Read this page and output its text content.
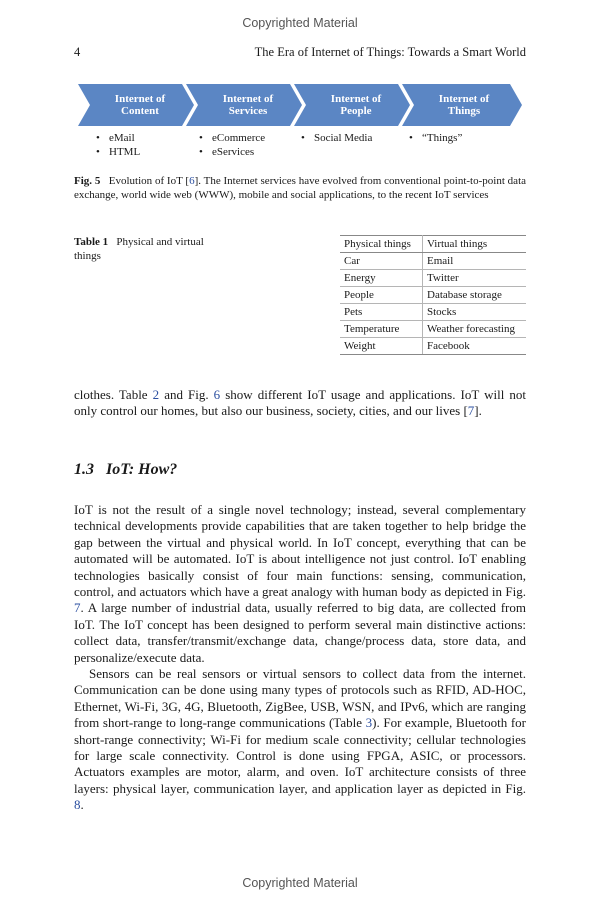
Copyrighted Material
4	The Era of Internet of Things: Towards a Smart World
Internet of
Content
Internet of
Services
Internet of
People
Internet of
Things
• eMail
• HTML
• eCommerce
• eServices
• Social Media	• “Things”
Fig. 5 Evolution of IoT [6]. The Internet services have evolved from conventional point-to-point data exchange, world wide web (WWW), mobile and social applications, to the recent IoT services
Table 1 Physical and virtual things
Physical things	Virtual things
Car	Email
Energy	Twitter
People	Database storage
Pets	Stocks
Temperature	Weather forecasting
Weight	Facebook
clothes. Table 2 and Fig. 6 show different IoT usage and applications. IoT will not only control our homes, but also our business, society, cities, and our lives [7].
1.3 IoT: How?
IoT is not the result of a single novel technology; instead, several complementary technical developments provide capabilities that are taken together to help bridge the gap between the virtual and physical world. In IoT concept, everything that can be automated will be automated. IoT is about intelligence not just control. IoT enabling technologies basically consist of four main functions: sensing, communication, control, and actuators which have a great analogy with human body as depicted in Fig. 7. A large number of industrial data, usually referred to big data, are collected from IoT. The IoT concept has been designed to perform several main distinctive actions: collect data, transfer/transmit/exchange data, change/process data, store data, and personalize/execute data.
Sensors can be real sensors or virtual sensors to collect data from the internet. Communication can be done using many types of protocols such as RFID, AD-HOC, Ethernet, Wi-Fi, 3G, 4G, Bluetooth, ZigBee, USB, WSN, and IPv6, which are ranging from short-range to long-range communications (Table 3). For example, Bluetooth for short-range connectivity; Wi-Fi for medium scale connectivity; cellular technologies for large scale connectivity. Control is done using FPGA, ASIC, or processors. Actuators examples are motor, alarm, and oven. IoT architecture consists of three layers: physical layer, communication layer, and application layer as depicted in Fig. 8.
Copyrighted Material
